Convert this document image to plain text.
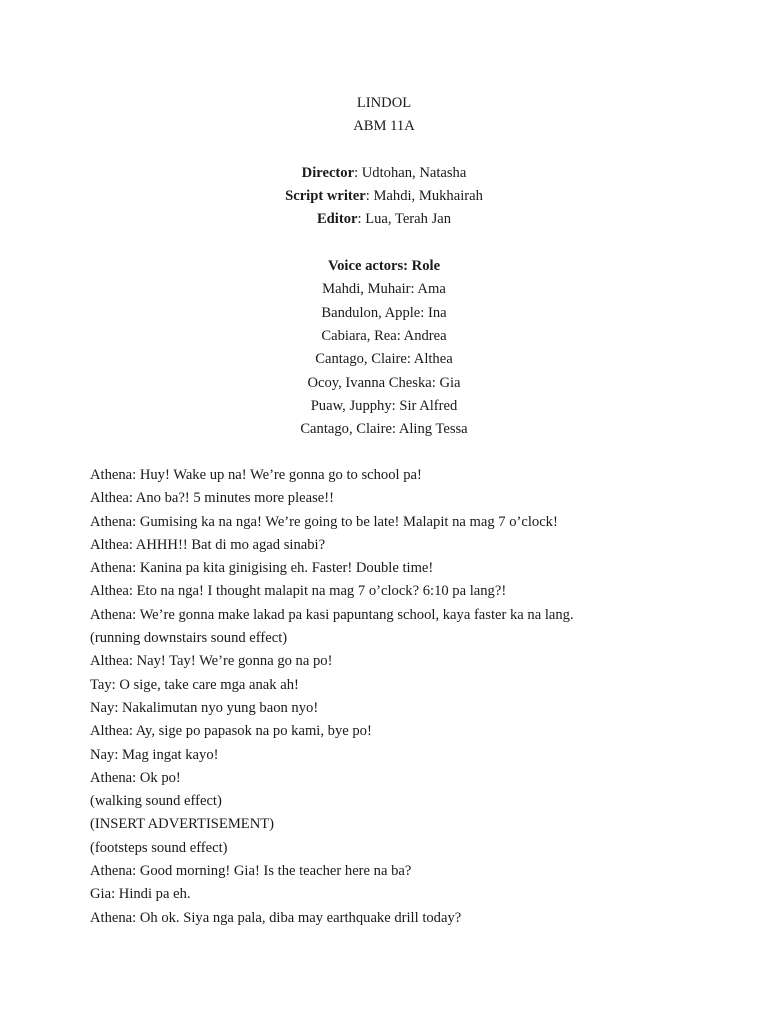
LINDOL
ABM 11A
Director: Udtohan, Natasha
Script writer: Mahdi, Mukhairah
Editor: Lua, Terah Jan
Voice actors: Role
Mahdi, Muhair: Ama
Bandulon, Apple: Ina
Cabiara, Rea: Andrea
Cantago, Claire: Althea
Ocoy, Ivanna Cheska: Gia
Puaw, Jupphy: Sir Alfred
Cantago, Claire: Aling Tessa
Athena: Huy! Wake up na! We’re gonna go to school pa!
Althea: Ano ba?! 5 minutes more please!!
Athena: Gumising ka na nga! We’re going to be late! Malapit na mag 7 o’clock!
Althea: AHHH!! Bat di mo agad sinabi?
Athena: Kanina pa kita ginigising eh. Faster! Double time!
Althea: Eto na nga! I thought malapit na mag 7 o’clock? 6:10 pa lang?!
Athena: We’re gonna make lakad pa kasi papuntang school, kaya faster ka na lang.
(running downstairs sound effect)
Althea: Nay! Tay! We’re gonna go na po!
Tay: O sige, take care mga anak ah!
Nay: Nakalimutan nyo yung baon nyo!
Althea: Ay, sige po papasok na po kami, bye po!
Nay: Mag ingat kayo!
Athena: Ok po!
(walking sound effect)
(INSERT ADVERTISEMENT)
(footsteps sound effect)
Athena: Good morning! Gia! Is the teacher here na ba?
Gia: Hindi pa eh.
Athena: Oh ok. Siya nga pala, diba may earthquake drill today?
